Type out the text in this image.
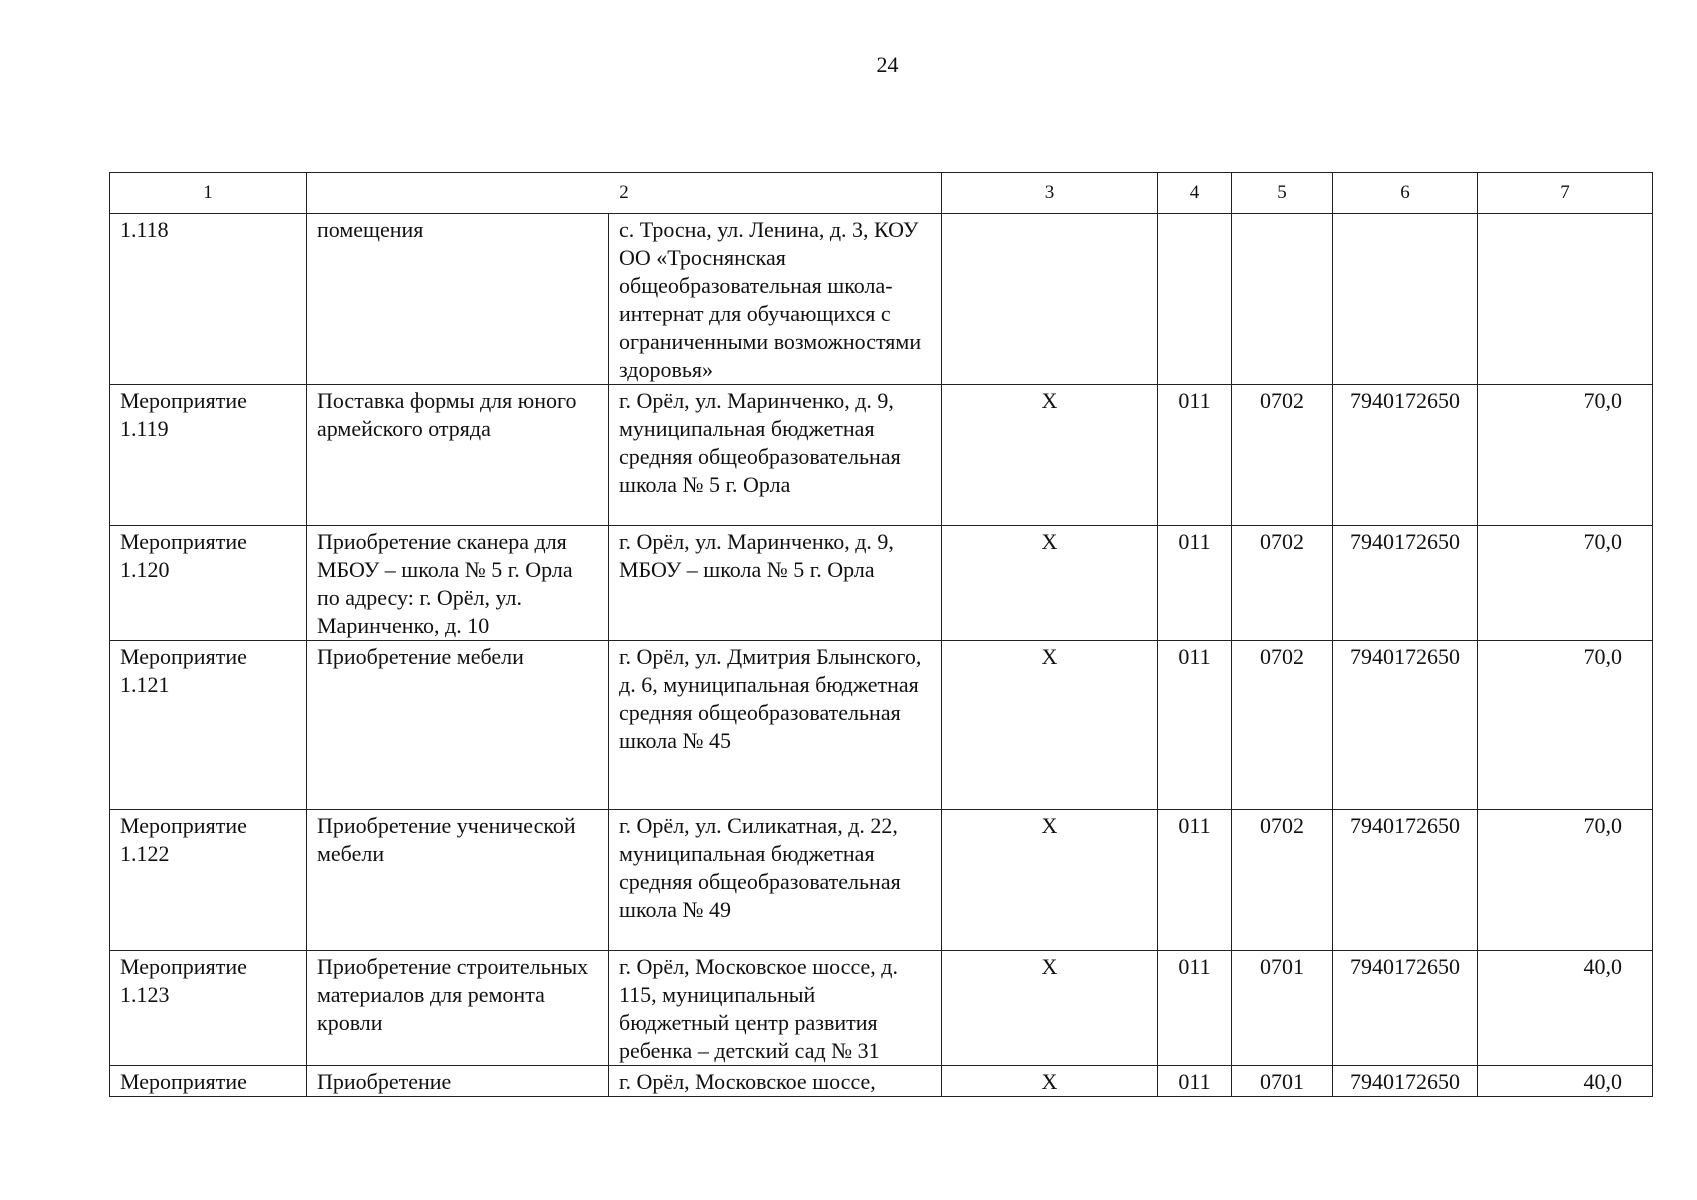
24
1	2		3	4	5	6	7
1.118	помещения	с. Тросна, ул. Ленина, д. 3, КОУ ОО «Троснянская общеобразовательная школа-интернат для обучающихся с ограниченными возможностями здоровья»					
Мероприятие 1.119	Поставка формы для юного армейского отряда	г. Орёл, ул. Маринченко, д. 9, муниципальная бюджетная средняя общеобразовательная школа № 5 г. Орла	Х	011	0702	7940172650	70,0
Мероприятие 1.120	Приобретение сканера для МБОУ – школа № 5 г. Орла по адресу: г. Орёл, ул. Маринченко, д. 10	г. Орёл, ул. Маринченко, д. 9, МБОУ – школа № 5 г. Орла	Х	011	0702	7940172650	70,0
Мероприятие 1.121	Приобретение мебели	г. Орёл, ул. Дмитрия Блынского, д. 6, муниципальная бюджетная средняя общеобразовательная школа № 45	Х	011	0702	7940172650	70,0
Мероприятие 1.122	Приобретение ученической мебели	г. Орёл, ул. Силикатная, д. 22, муниципальная бюджетная средняя общеобразовательная школа № 49	Х	011	0702	7940172650	70,0
Мероприятие 1.123	Приобретение строительных материалов для ремонта кровли	г. Орёл, Московское шоссе, д. 115, муниципальный бюджетный центр развития ребенка – детский сад № 31	Х	011	0701	7940172650	40,0
Мероприятие	Приобретение	г. Орёл, Московское шоссе,	Х	011	0701	7940172650	40,0
